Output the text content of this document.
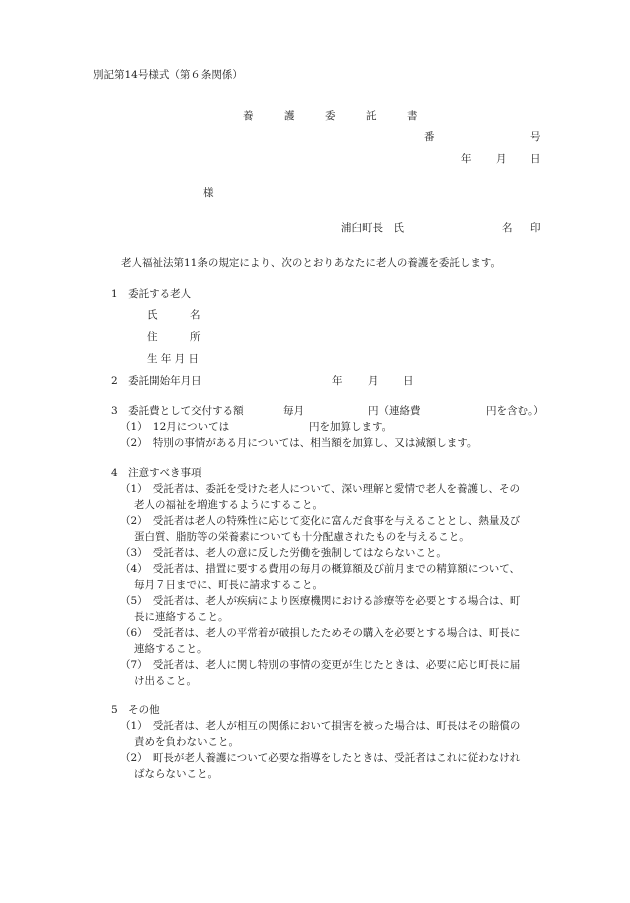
別記第14号様式（第６条関係）
養	護	委	託	書
番	号
年 月 日
様
浦臼町長　氏	名 印
老人福祉法第11条の規定により、次のとおりあなたに老人の養護を委託します。
1　委託する老人
氏	名
住	所
生 年 月 日
2　委託開始年月日	年 月 日
3　委託費として交付する額	毎月	円（連絡費	円を含む。）
（1）　12月については	円を加算します。
（2）　特別の事情がある月については、相当額を加算し、又は減額します。
4　注意すべき事項
（1）　受託者は、委託を受けた老人について、深い理解と愛情で老人を養護し、その
老人の福祉を増進するようにすること。
（2）　受託者は老人の特殊性に応じて変化に富んだ食事を与えることとし、熱量及び
蛋白質、脂肪等の栄養素についても十分配慮されたものを与えること。
（3）　受託者は、老人の意に反した労働を強制してはならないこと。
（4）　受託者は、措置に要する費用の毎月の概算額及び前月までの精算額について、
毎月７日までに、町長に請求すること。
（5）　受託者は、老人が疾病により医療機関における診療等を必要とする場合は、町
長に連絡すること。
（6）　受託者は、老人の平常着が破損したためその購入を必要とする場合は、町長に
連絡すること。
（7）　受託者は、老人に関し特別の事情の変更が生じたときは、必要に応じ町長に届
け出ること。
5　その他
（1）　受託者は、老人が相互の関係において損害を被った場合は、町長はその賠償の
責めを負わないこと。
（2）　町長が老人養護について必要な指導をしたときは、受託者はこれに従わなけれ
ばならないこと。
